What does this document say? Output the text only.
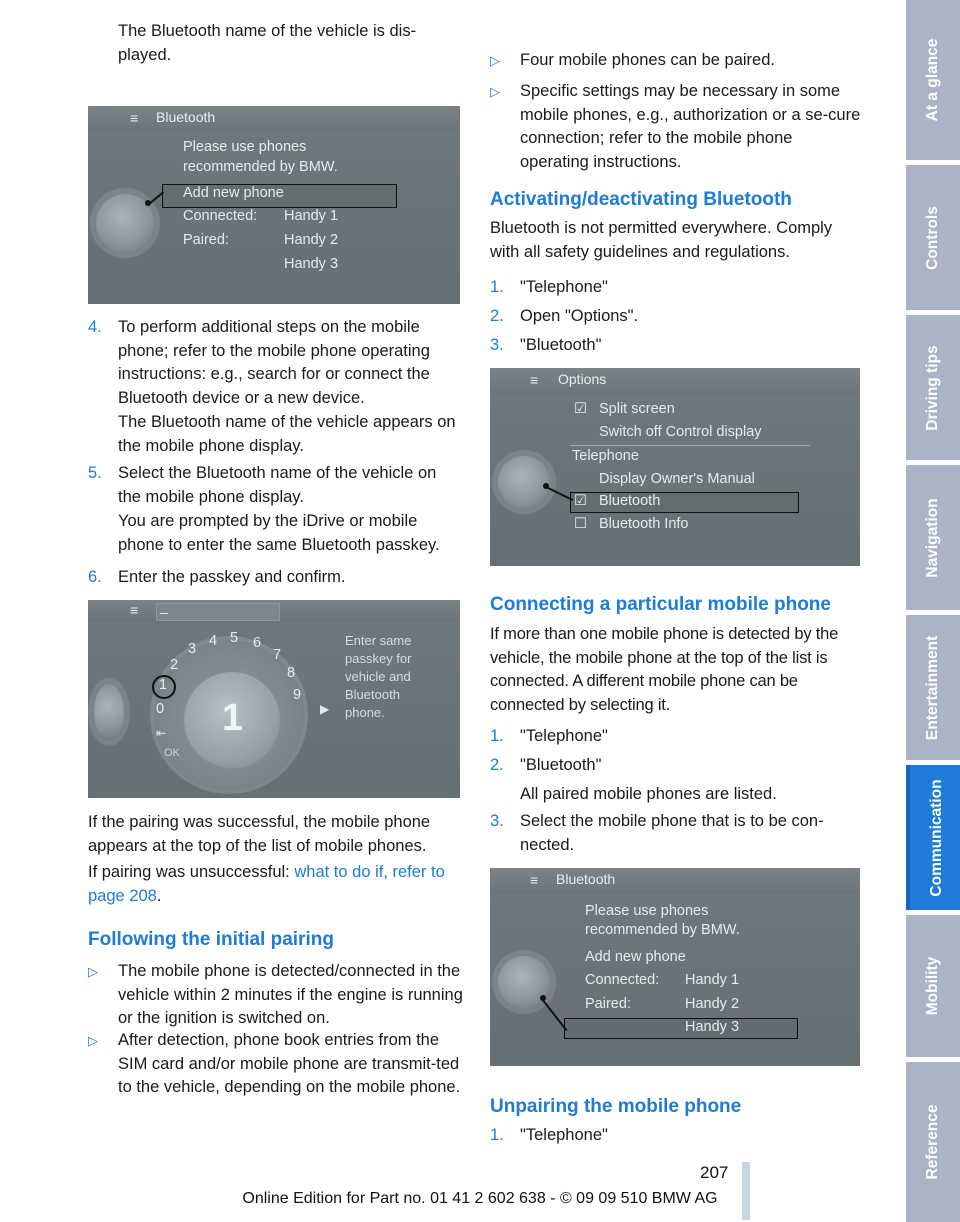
The Bluetooth name of the vehicle is dis-
played.
≡ Bluetooth
Please use phones
recommended by BMW.
Add new phone
Connected: Handy 1
Paired:	Handy 2
Handy 3
4. To perform additional steps on the mobile phone; refer to the mobile phone operating instructions: e.g., search for or connect the Bluetooth device or a new device.
The Bluetooth name of the vehicle appears on the mobile phone display.
5. Select the Bluetooth name of the vehicle on the mobile phone display.
You are prompted by the iDrive or mobile phone to enter the same Bluetooth passkey.
6. Enter the passkey and confirm.
≡ _
1
0
1
2
3 4 5 6
7
8
9
⇤
OK
▶
Enter same
passkey for
vehicle and
Bluetooth
phone.
If the pairing was successful, the mobile phone appears at the top of the list of mobile phones.
If pairing was unsuccessful: what to do if, refer to page 208.
Following the initial pairing
▷ The mobile phone is detected/connected in the vehicle within 2 minutes if the engine is running or the ignition is switched on.
▷ After detection, phone book entries from the SIM card and/or mobile phone are transmit-ted to the vehicle, depending on the mobile phone.
▷ Four mobile phones can be paired.
▷ Specific settings may be necessary in some mobile phones, e.g., authorization or a se-cure connection; refer to the mobile phone operating instructions.
Activating/deactivating Bluetooth
Bluetooth is not permitted everywhere. Comply with all safety guidelines and regulations.
1. "Telephone"
2. Open "Options".
3. "Bluetooth"
≡ Options
☑ Split screen
Switch off Control display
Telephone
Display Owner's Manual
☑ Bluetooth
☐ Bluetooth Info
Connecting a particular mobile phone
If more than one mobile phone is detected by the vehicle, the mobile phone at the top of the list is connected. A different mobile phone can be connected by selecting it.
1. "Telephone"
2. "Bluetooth"
All paired mobile phones are listed.
3. Select the mobile phone that is to be con-
nected.
≡ Bluetooth
Please use phones
recommended by BMW.
Add new phone
Connected: Handy 1
Paired:	Handy 2
Handy 3
Unpairing the mobile phone
1. "Telephone"
At a glance
Controls
Driving tips
Navigation
Entertainment
Communication
Mobility
Reference
207
Online Edition for Part no. 01 41 2 602 638 - © 09 09 510 BMW AG
